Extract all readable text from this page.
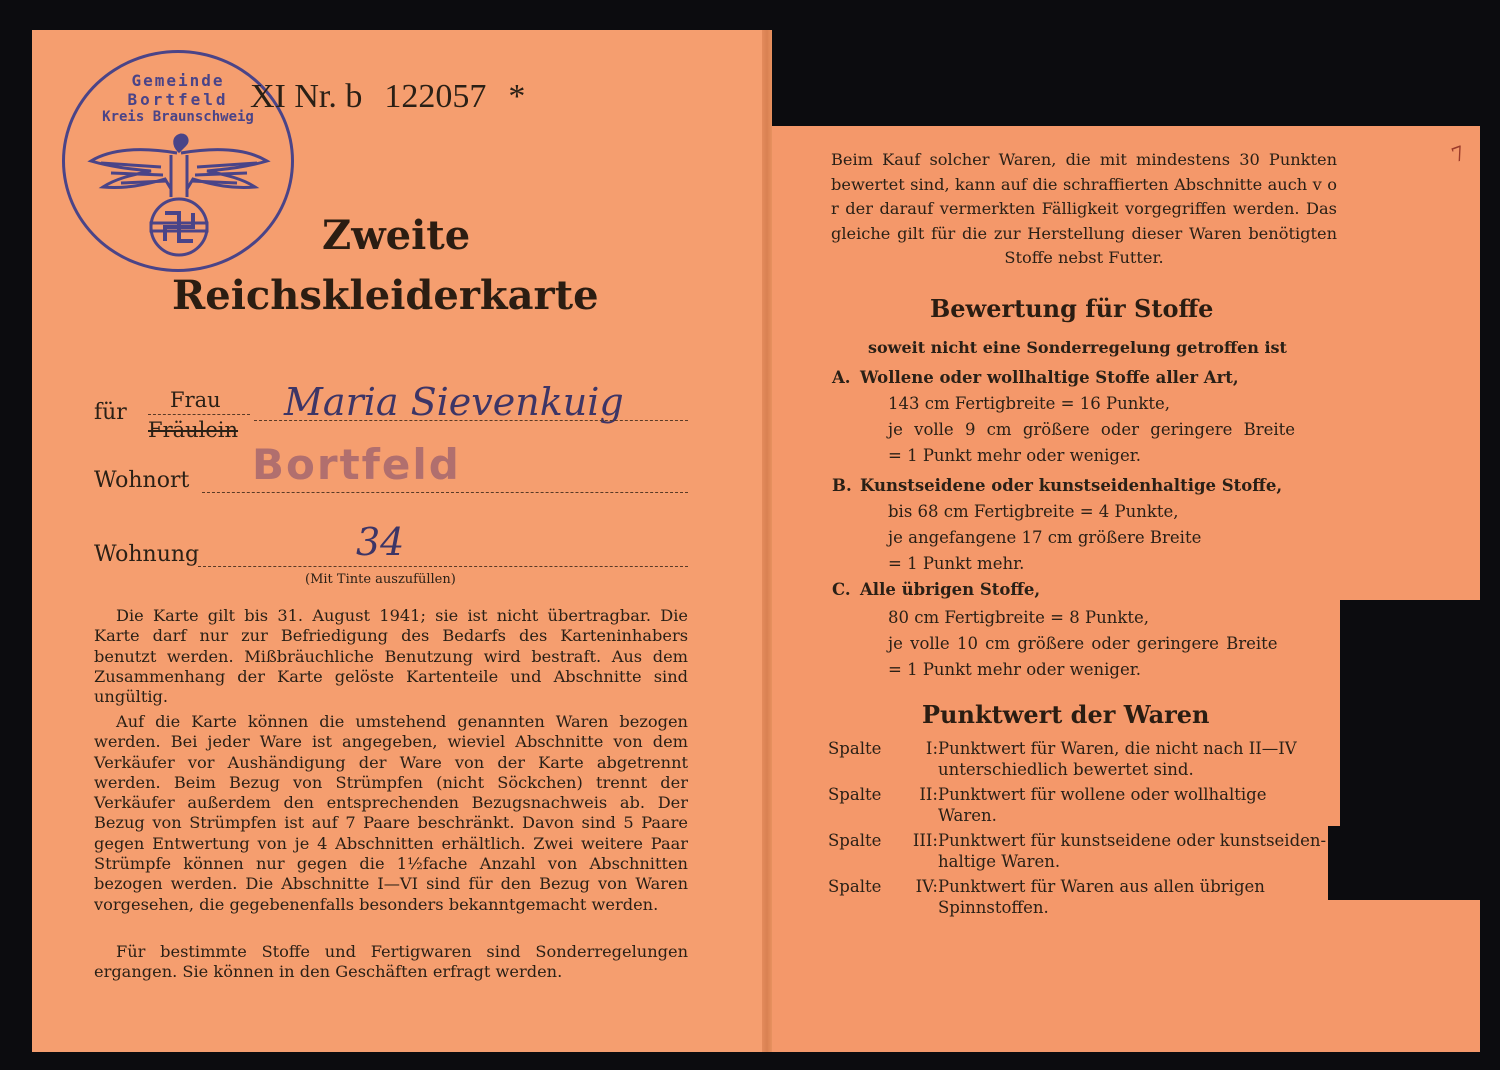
Gemeinde
Bortfeld
Kreis Braunschweig
XI Nr. b 122057 *
Zweite
Reichskleiderkarte
für Frau
Fräulein
Maria Sievenkuig
Wohnort Bortfeld
Wohnung	34
(Mit Tinte auszufüllen)

Die Karte gilt bis 31. August 1941; sie ist nicht übertragbar. Die Karte darf nur zur Befriedigung des Bedarfs des Karteninhabers benutzt werden. Mißbräuchliche Benutzung wird bestraft. Aus dem Zusammenhang der Karte gelöste Kartenteile und Abschnitte sind ungültig.

Auf die Karte können die umstehend genannten Waren bezogen werden. Bei jeder Ware ist angegeben, wieviel Abschnitte von dem Verkäufer vor Aushändigung der Ware von der Karte abgetrennt werden. Beim Bezug von Strümpfen (nicht Söckchen) trennt der Verkäufer außerdem den entsprechenden Bezugsnachweis ab. Der Bezug von Strümpfen ist auf 7 Paare beschränkt. Davon sind 5 Paare gegen Entwertung von je 4 Abschnitten erhältlich. Zwei weitere Paar Strümpfe können nur gegen die 1½fache Anzahl von Abschnitten bezogen werden. Die Abschnitte I—VI sind für den Bezug von Waren vorgesehen, die gegebenenfalls besonders bekanntgemacht werden.

Für bestimmte Stoffe und Fertigwaren sind Sonderregelungen ergangen. Sie können in den Geschäften erfragt werden.

7
Beim Kauf solcher Waren, die mit mindestens 30 Punkten bewertet sind, kann auf die schraffierten Abschnitte auch v o r der darauf vermerkten Fälligkeit vorgegriffen werden. Das gleiche gilt für die zur Herstellung dieser Waren benötigten Stoffe nebst Futter.
Bewertung für Stoffe
soweit nicht eine Sonderregelung getroffen ist
A. Wollene oder wollhaltige Stoffe aller Art,
143 cm Fertigbreite = 16 Punkte,
je volle 9 cm größere oder geringere Breite
= 1 Punkt mehr oder weniger.
B. Kunstseidene oder kunstseidenhaltige Stoffe,
bis 68 cm Fertigbreite = 4 Punkte,
je angefangene 17 cm größere Breite
= 1 Punkt mehr.
C. Alle übrigen Stoffe,
80 cm Fertigbreite = 8 Punkte,
je volle 10 cm größere oder geringere Breite
= 1 Punkt mehr oder weniger.
Punktwert der Waren
Spalte	I: Punktwert für Waren, die nicht nach II—IV
unterschiedlich bewertet sind.
Spalte II: Punktwert für wollene oder wollhaltige
Waren.
Spalte III: Punktwert für kunstseidene oder kunstseiden-
haltige Waren.
Spalte IV: Punktwert für Waren aus allen übrigen
Spinnstoffen.
